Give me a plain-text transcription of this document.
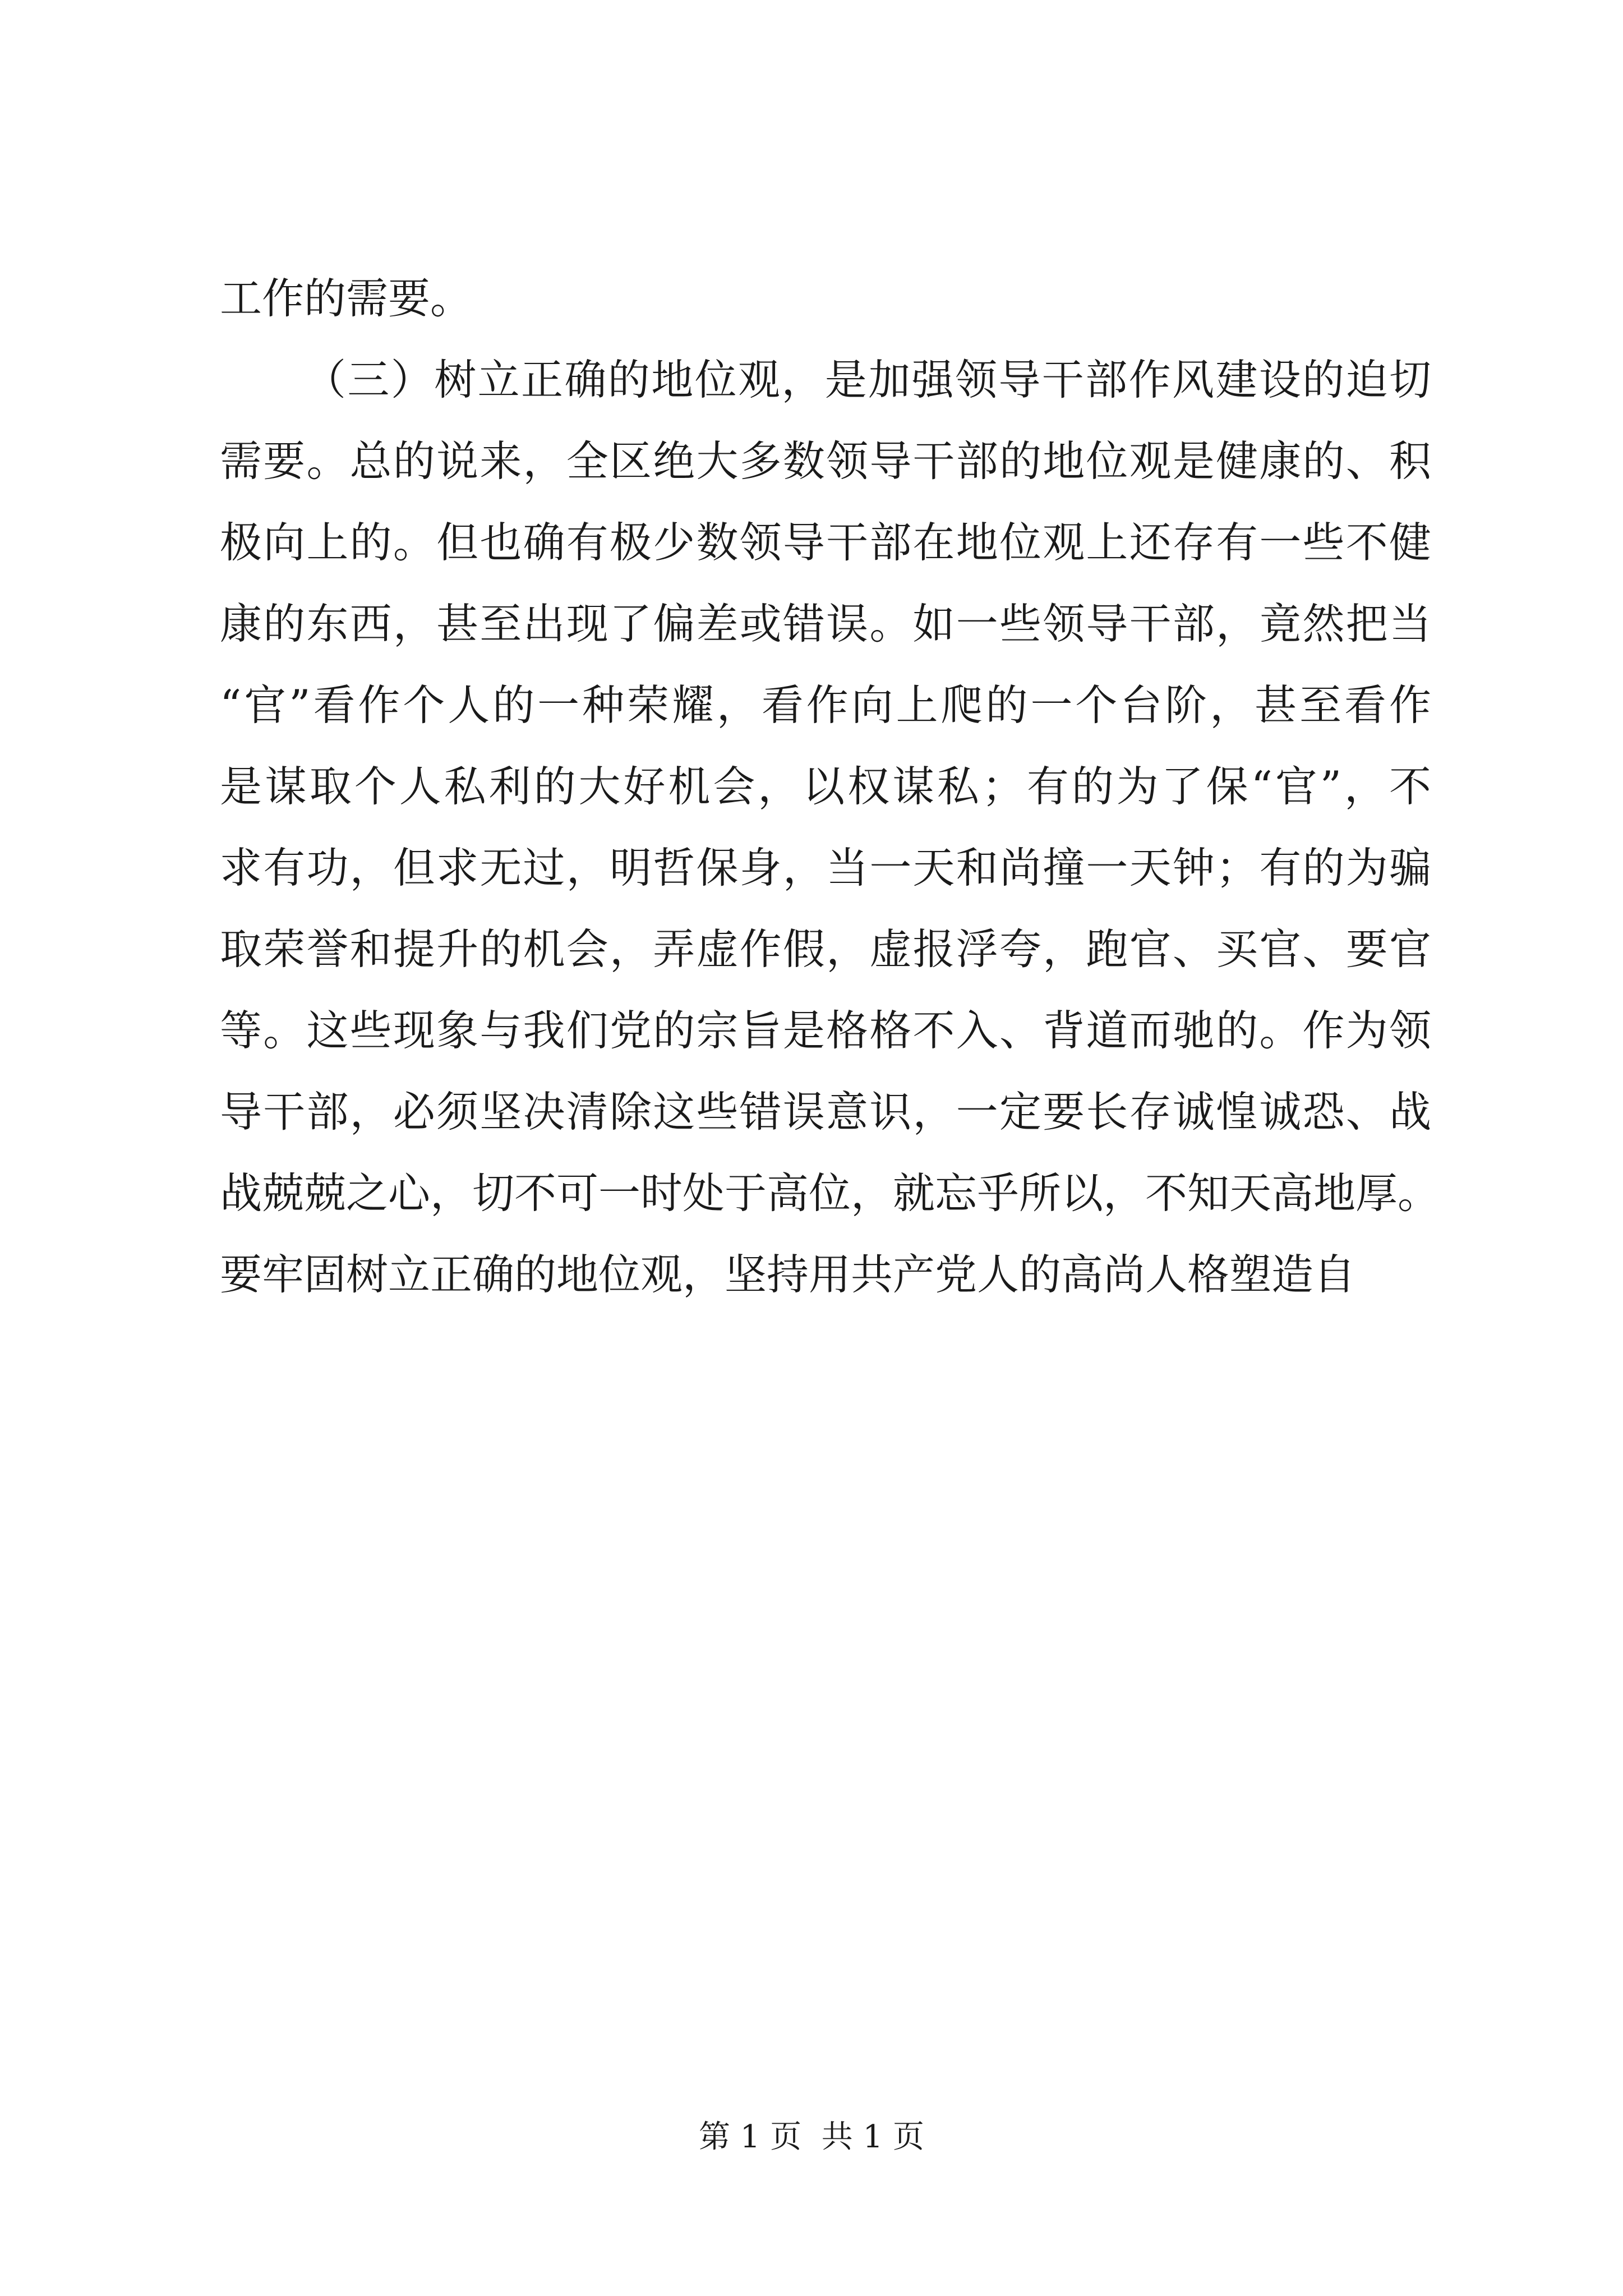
工作的需要。
（三）树立正确的地位观，是加强领导干部作风建设的迫切
需要。总的说来，全区绝大多数领导干部的地位观是健康的、积
极向上的。但也确有极少数领导干部在地位观上还存有一些不健
康的东西，甚至出现了偏差或错误。如一些领导干部，竟然把当
“官”看作个人的一种荣耀，看作向上爬的一个台阶，甚至看作
是谋取个人私利的大好机会，以权谋私；有的为了保“官”，不
求有功，但求无过，明哲保身，当一天和尚撞一天钟；有的为骗
取荣誉和提升的机会，弄虚作假，虚报浮夸，跑官、买官、要官
等。这些现象与我们党的宗旨是格格不入、背道而驰的。作为领
导干部，必须坚决清除这些错误意识，一定要长存诚惶诚恐、战
战兢兢之心，切不可一时处于高位，就忘乎所以，不知天高地厚。
要牢固树立正确的地位观，坚持用共产党人的高尚人格塑造自
第 1 页  共 1 页
